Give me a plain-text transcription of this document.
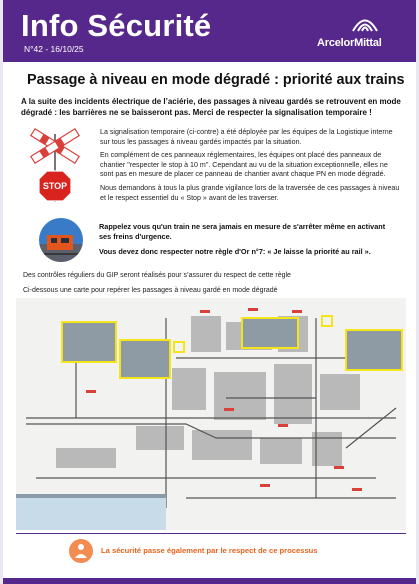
Info Sécurité
N°42 - 16/10/25	ArcelorMittal
Passage à niveau en mode dégradé : priorité aux trains
A la suite des incidents électrique de l’aciérie, des passages à niveau gardés se retrouvent en mode dégradé : les barrières ne se baisseront pas. Merci de respecter la signalisation temporaire !
STOP

La signalisation temporaire (ci-contre) a été déployée par les équipes de la Logistique interne sur tous les passages à niveau gardés impactés par la situation.

En complément de ces panneaux réglementaires, les équipes ont placé des panneaux de chantier "respecter le stop à 10 m". Cependant au vu de la situation exceptionnelle, elles ne sont pas en mesure de placer ce panneau de chantier avant chaque PN en mode dégradé.

Nous demandons à tous la plus grande vigilance lors de la traversée de ces passages à niveau et le respect essentiel du « Stop » avant de les traverser.

Rappelez vous qu'un train ne sera jamais en mesure de s'arrêter même en activant ses freins d'urgence.

Vous devez donc respecter notre règle d'Or n°7: « Je laisse la priorité au rail ».

Des contrôles réguliers du GIP seront réalisés pour s’assurer du respect de cette règle
Ci-dessous une carte pour repérer les passages à niveau gardé en mode dégradé
La sécurité passe également par le respect de ce processus
